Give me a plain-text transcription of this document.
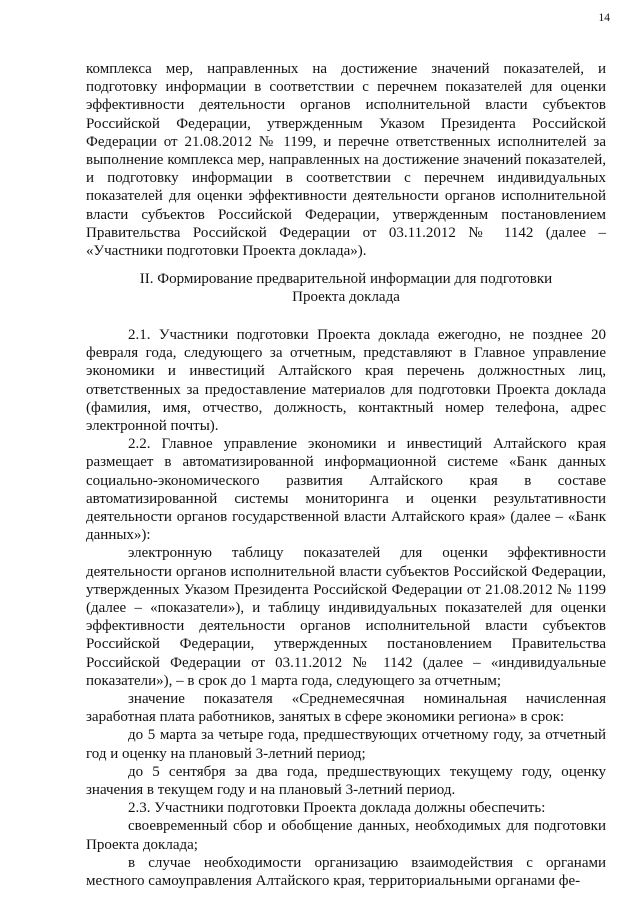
14

комплекса мер, направленных на достижение значений показателей, и подготовку информации в соответствии с перечнем показателей для оценки эффективности деятельности органов исполнительной власти субъектов Российской Федерации, утвержденным Указом Президента Российской Федерации от 21.08.2012 № 1199, и перечне ответственных исполнителей за выполнение комплекса мер, направленных на достижение значений показателей, и подготовку информации в соответствии с перечнем индивидуальных показателей для оценки эффективности деятельности органов исполнительной власти субъектов Российской Федерации, утвержденным постановлением Правительства Российской Федерации от 03.11.2012 № 1142 (далее – «Участники подготовки Проекта доклада»).

II. Формирование предварительной информации для подготовки
Проекта доклада

2.1. Участники подготовки Проекта доклада ежегодно, не позднее 20 февраля года, следующего за отчетным, представляют в Главное управление экономики и инвестиций Алтайского края перечень должностных лиц, ответственных за предоставление материалов для подготовки Проекта доклада (фамилия, имя, отчество, должность, контактный номер телефона, адрес электронной почты).

2.2. Главное управление экономики и инвестиций Алтайского края размещает в автоматизированной информационной системе «Банк данных социально-экономического развития Алтайского края в составе автоматизированной системы мониторинга и оценки результативности деятельности органов государственной власти Алтайского края» (далее – «Банк данных»):

электронную таблицу показателей для оценки эффективности деятельности органов исполнительной власти субъектов Российской Федерации, утвержденных Указом Президента Российской Федерации от 21.08.2012 № 1199 (далее – «показатели»), и таблицу индивидуальных показателей для оценки эффективности деятельности органов исполнительной власти субъектов Российской Федерации, утвержденных постановлением Правительства Российской Федерации от 03.11.2012 № 1142 (далее – «индивидуальные показатели»), – в срок до 1 марта года, следующего за отчетным;

значение показателя «Среднемесячная номинальная начисленная заработная плата работников, занятых в сфере экономики региона» в срок:

до 5 марта за четыре года, предшествующих отчетному году, за отчетный год и оценку на плановый 3-летний период;

до 5 сентября за два года, предшествующих текущему году, оценку значения в текущем году и на плановый 3-летний период.

2.3. Участники подготовки Проекта доклада должны обеспечить:

своевременный сбор и обобщение данных, необходимых для подготовки Проекта доклада;

в случае необходимости организацию взаимодействия с органами местного самоуправления Алтайского края, территориальными органами фе-
